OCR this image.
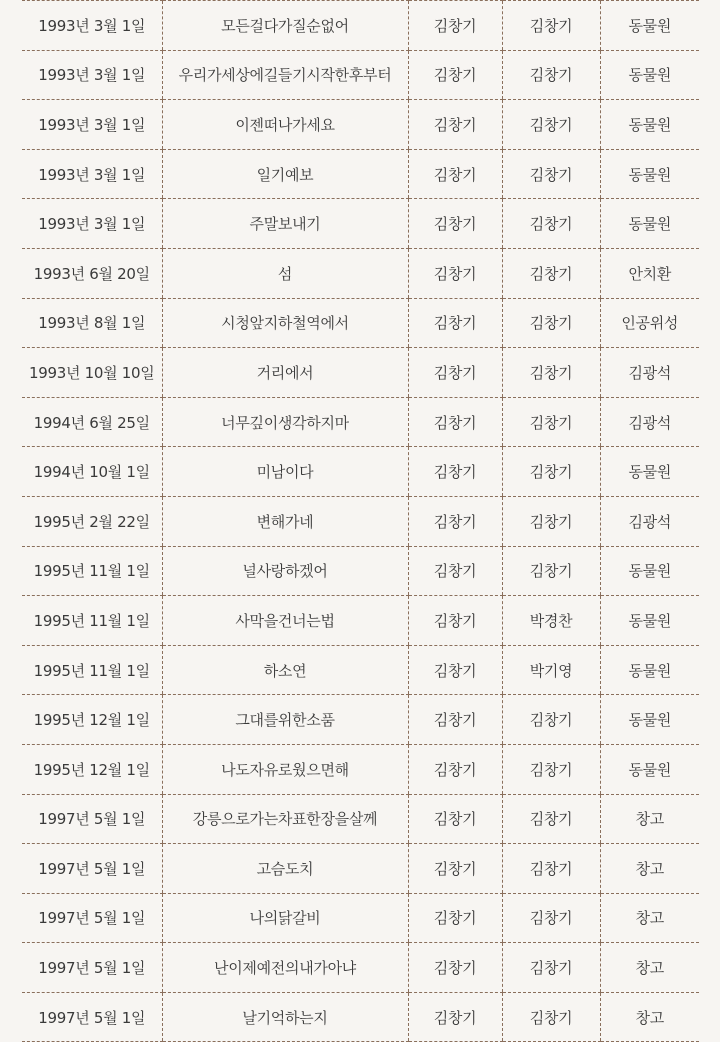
1993년 3월 1일	모든걸다가질순없어	김창기	김창기	동물원
1993년 3월 1일	우리가세상에길들기시작한후부터	김창기	김창기	동물원
1993년 3월 1일	이젠떠나가세요	김창기	김창기	동물원
1993년 3월 1일	일기예보	김창기	김창기	동물원
1993년 3월 1일	주말보내기	김창기	김창기	동물원
1993년 6월 20일	섬	김창기	김창기	안치환
1993년 8월 1일	시청앞지하철역에서	김창기	김창기	인공위성
1993년 10월 10일	거리에서	김창기	김창기	김광석
1994년 6월 25일	너무깊이생각하지마	김창기	김창기	김광석
1994년 10월 1일	미남이다	김창기	김창기	동물원
1995년 2월 22일	변해가네	김창기	김창기	김광석
1995년 11월 1일	널사랑하겠어	김창기	김창기	동물원
1995년 11월 1일	사막을건너는법	김창기	박경찬	동물원
1995년 11월 1일	하소연	김창기	박기영	동물원
1995년 12월 1일	그대를위한소품	김창기	김창기	동물원
1995년 12월 1일	나도자유로웠으면해	김창기	김창기	동물원
1997년 5월 1일	강릉으로가는차표한장을살께	김창기	김창기	창고
1997년 5월 1일	고슴도치	김창기	김창기	창고
1997년 5월 1일	나의닭갈비	김창기	김창기	창고
1997년 5월 1일	난이제예전의내가아냐	김창기	김창기	창고
1997년 5월 1일	날기억하는지	김창기	김창기	창고
